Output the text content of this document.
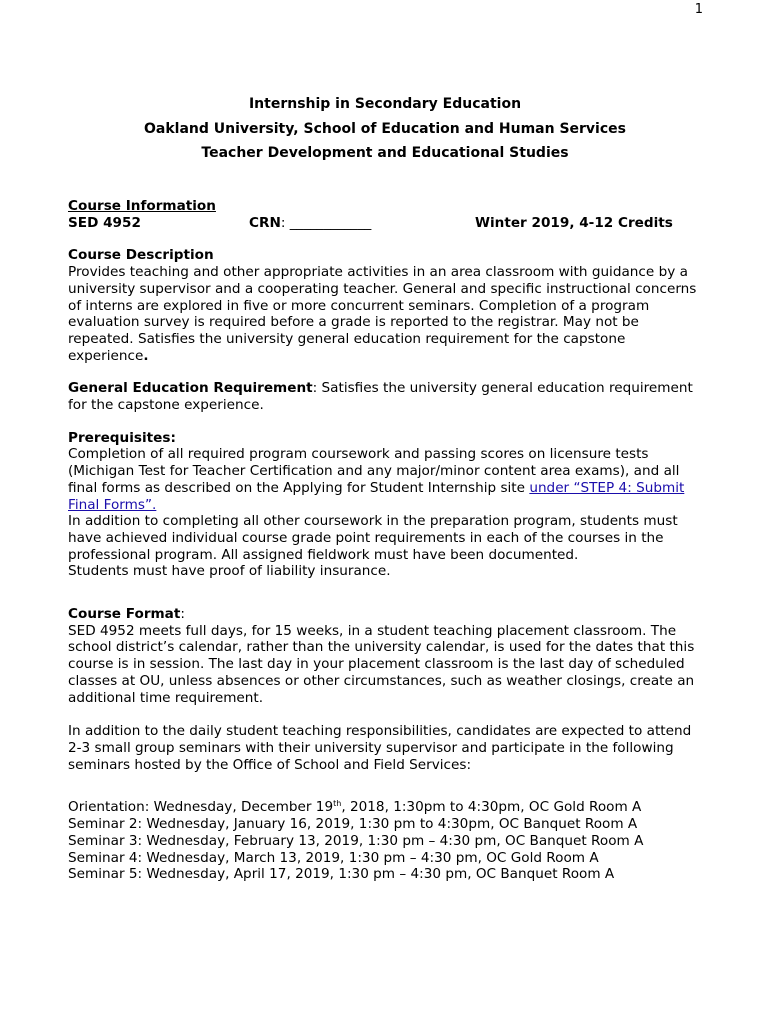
1
Internship in Secondary Education
Oakland University, School of Education and Human Services
Teacher Development and Educational Studies
Course Information
SED 4952	CRN: ____________	Winter 2019, 4-12 Credits
Course Description

Provides teaching and other appropriate activities in an area classroom with guidance by a university supervisor and a cooperating teacher. General and specific instructional concerns of interns are explored in five or more concurrent seminars. Completion of a program evaluation survey is required before a grade is reported to the registrar. May not be repeated. Satisfies the university general education requirement for the capstone experience.

General Education Requirement: Satisfies the university general education requirement for the capstone experience.

Prerequisites:

Completion of all required program coursework and passing scores on licensure tests (Michigan Test for Teacher Certification and any major/minor content area exams), and all final forms as described on the Applying for Student Internship site under “STEP 4: Submit Final Forms”.

In addition to completing all other coursework in the preparation program, students must have achieved individual course grade point requirements in each of the courses in the professional program. All assigned fieldwork must have been documented.

Students must have proof of liability insurance.

Course Format:

SED 4952 meets full days, for 15 weeks, in a student teaching placement classroom. The school district’s calendar, rather than the university calendar, is used for the dates that this course is in session. The last day in your placement classroom is the last day of scheduled classes at OU, unless absences or other circumstances, such as weather closings, create an additional time requirement.

In addition to the daily student teaching responsibilities, candidates are expected to attend 2-3 small group seminars with their university supervisor and participate in the following seminars hosted by the Office of School and Field Services:

Orientation: Wednesday, December 19th, 2018, 1:30pm to 4:30pm, OC Gold Room A
Seminar 2: Wednesday, January 16, 2019, 1:30 pm to 4:30pm, OC Banquet Room A
Seminar 3: Wednesday, February 13, 2019, 1:30 pm – 4:30 pm, OC Banquet Room A
Seminar 4: Wednesday, March 13, 2019, 1:30 pm – 4:30 pm, OC Gold Room A
Seminar 5: Wednesday, April 17, 2019, 1:30 pm – 4:30 pm, OC Banquet Room A
